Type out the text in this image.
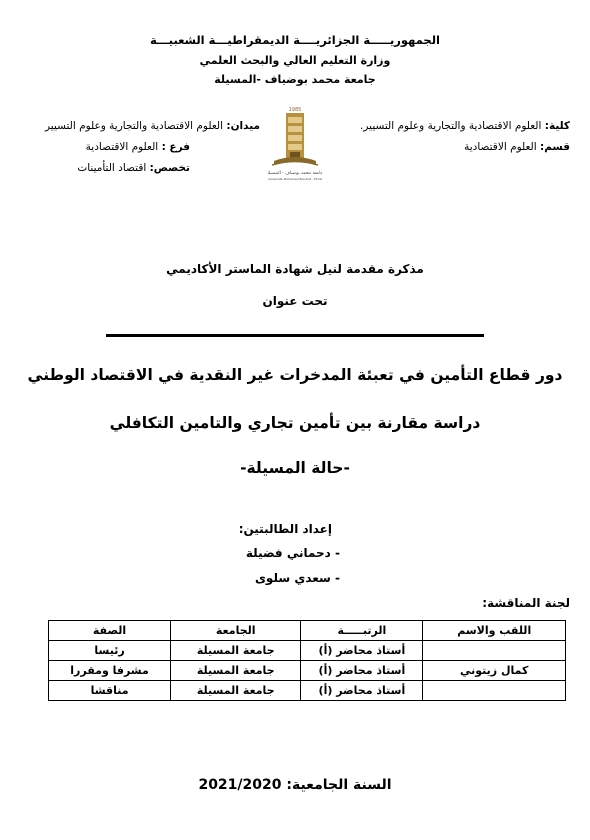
الجمهوريـــــة الجزائريــــة الديمقراطيـــة الشعبيـــة
وزارة التعليم العالي والبحث العلمي
جامعة محمد بوضياف -المسيلة
كلية: العلوم الاقتصادية والتجارية وعلوم التسيير.
قسم: العلوم الاقتصادية
ميدان: العلوم الاقتصادية والتجارية وعلوم التسيير
فرع : العلوم الاقتصادية
تخصص: اقتصاد التأمينات
1985
جامعة محمد بوضياف - المسيلة
Université Mohamed Boudiaf - M'sila
مذكرة مقدمة لنيل شهادة الماستر الأكاديمي
تحت عنوان
دور قطاع التأمين في تعبئة المدخرات غير النقدية في الاقتصاد الوطني
دراسة مقارنة بين تأمين تجاري والتامين التكافلي
-حالة المسيلة-
إعداد الطالبتين:
- دحماني فضيلة
- سعدي سلوى
لجنة المناقشة:
اللقب والاسم	الرتبـــــة	الجامعة	الصفة
	أستاذ محاضر (أ)	جامعة المسيلة	رئيسا
كمال زيتوني	أستاذ محاضر (أ)	جامعة المسيلة	مشرفا ومقررا
	أستاذ محاضر (أ)	جامعة المسيلة	مناقشا
السنة الجامعية: 2021/2020
